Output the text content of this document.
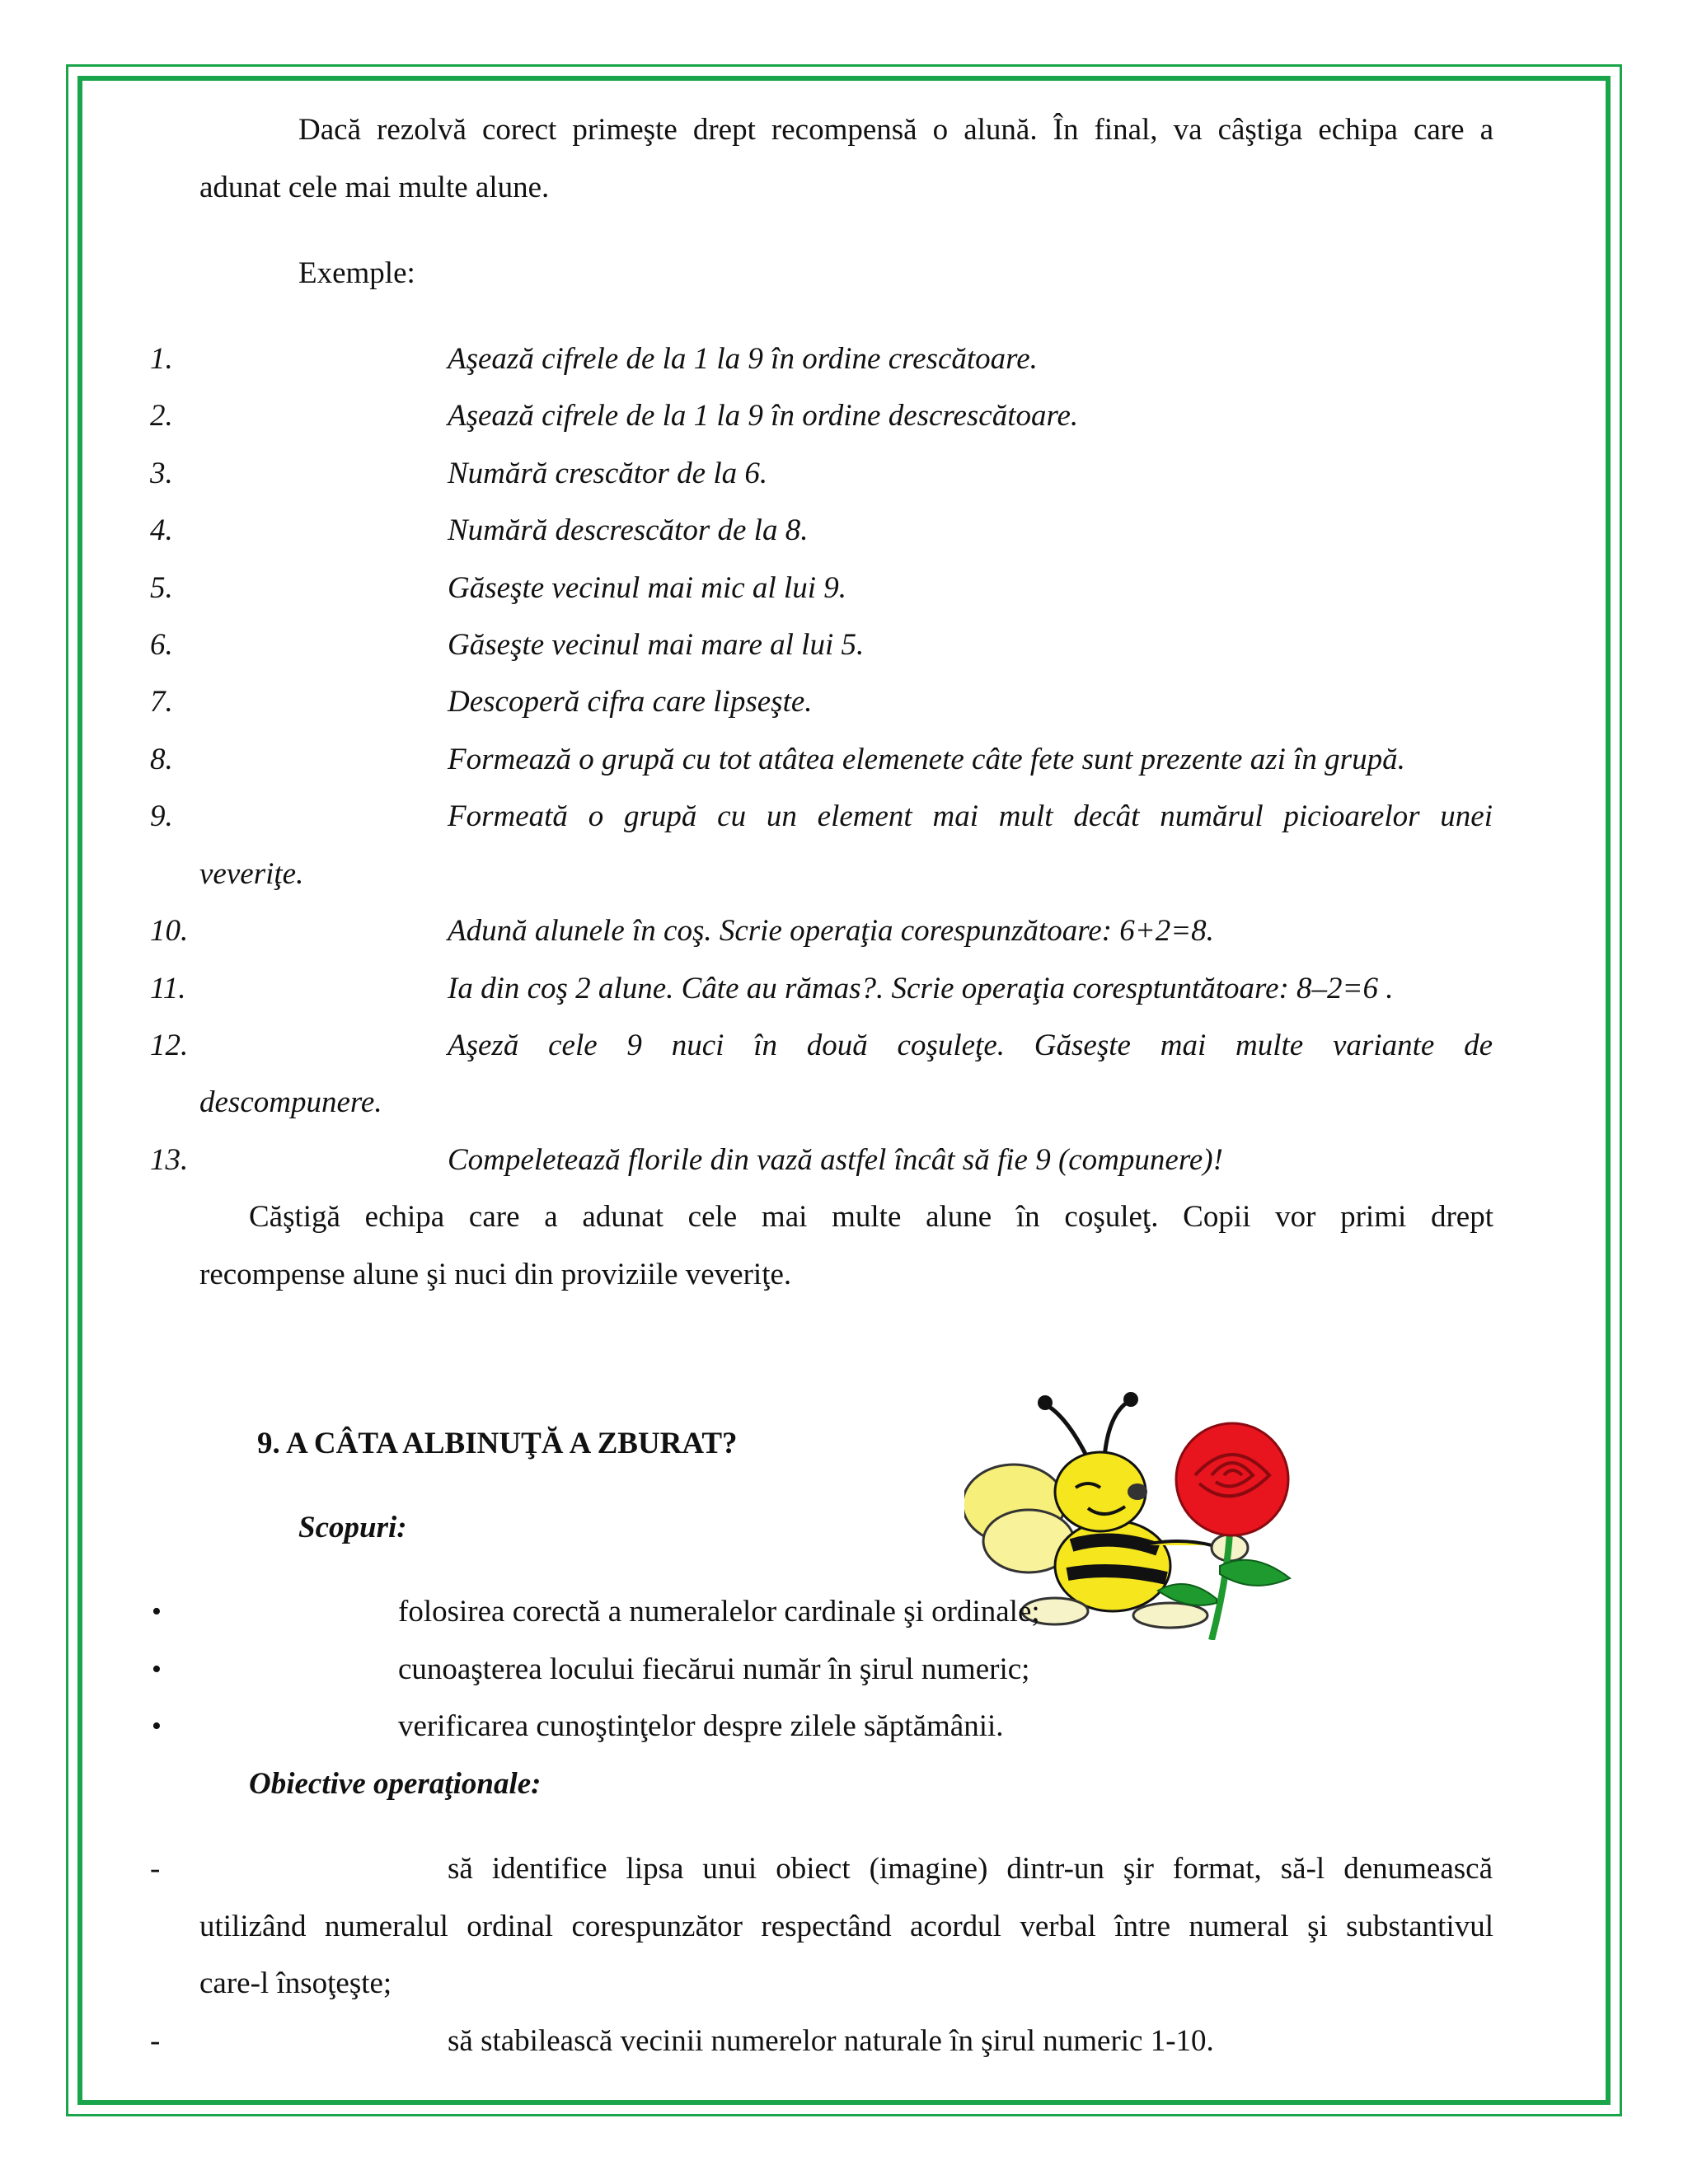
Dacă rezolvă corect primeşte drept recompensă o alună. În final, va câştiga echipa care a
adunat cele mai multe alune.
Exemple:
1.	Aşează cifrele de la 1 la 9 în ordine crescătoare.
2.	Aşează cifrele de la 1 la 9 în ordine descrescătoare.
3.	Numără crescător de la 6.
4.	Numără descrescător de la 8.
5.	Găseşte vecinul mai mic al lui 9.
6.	Găseşte vecinul mai mare al lui 5.
7.	Descoperă cifra care lipseşte.
8.	Formează o grupă cu tot atâtea elemenete câte fete sunt prezente azi în grupă.
9.	Formeată o grupă cu un element mai mult decât numărul picioarelor unei
veveriţe.
10.	Adună alunele în coş. Scrie operaţia corespunzătoare: 6+2=8.
11.	Ia din coş 2 alune. Câte au rămas?. Scrie operaţia coresptuntătoare: 8–2=6 .
12.	Aşeză cele 9 nuci în două coşuleţe. Găseşte mai multe variante de
descompunere.
13.	Compeletează florile din vază astfel încât să fie 9 (compunere)!
Căştigă echipa care a adunat cele mai multe alune în coşuleţ. Copii vor primi drept
recompense alune şi nuci din proviziile veveriţe.
9. A CÂTA ALBINUŢĂ A ZBURAT?
Scopuri:
•	folosirea corectă a numeralelor cardinale şi ordinale;
•	cunoaşterea locului fiecărui număr în şirul numeric;
•	verificarea cunoştinţelor despre zilele săptămânii.
Obiective operaţionale:
-	să identifice lipsa unui obiect (imagine) dintr-un şir format, să-l denumească
utilizând numeralul ordinal corespunzător respectând acordul verbal între numeral şi substantivul
care-l însoţeşte;
-	să stabilească vecinii numerelor naturale în şirul numeric 1-10.
